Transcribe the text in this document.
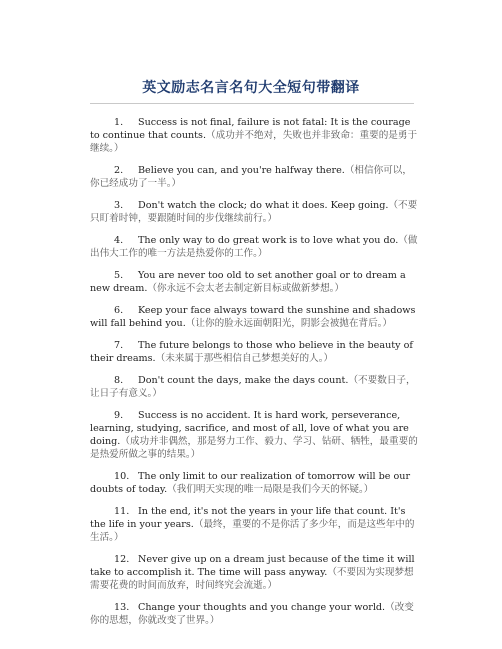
英文励志名言名句大全短句带翻译

1. Success is not final, failure is not fatal: It is the courage to continue that counts.（成功并不绝对，失败也并非致命：重要的是勇于继续。）

2. Believe you can, and you're halfway there.（相信你可以，你已经成功了一半。）

3. Don't watch the clock; do what it does. Keep going.（不要只盯着时钟，要跟随时间的步伐继续前行。）

4. The only way to do great work is to love what you do.（做出伟大工作的唯一方法是热爱你的工作。）

5. You are never too old to set another goal or to dream a new dream.（你永远不会太老去制定新目标或做新梦想。）

6. Keep your face always toward the sunshine and shadows will fall behind you.（让你的脸永远面朝阳光，阴影会被抛在背后。）

7. The future belongs to those who believe in the beauty of their dreams.（未来属于那些相信自己梦想美好的人。）

8. Don't count the days, make the days count.（不要数日子，让日子有意义。）

9. Success is no accident. It is hard work, perseverance, learning, studying, sacrifice, and most of all, love of what you are doing.（成功并非偶然，那是努力工作、毅力、学习、钻研、牺牲，最重要的是热爱所做之事的结果。）

10. The only limit to our realization of tomorrow will be our doubts of today.（我们明天实现的唯一局限是我们今天的怀疑。）

11. In the end, it's not the years in your life that count. It's the life in your years.（最终，重要的不是你活了多少年，而是这些年中的生活。）

12. Never give up on a dream just because of the time it will take to accomplish it. The time will pass anyway.（不要因为实现梦想需要花费的时间而放弃，时间终究会流逝。）

13. Change your thoughts and you change your world.（改变你的思想，你就改变了世界。）
